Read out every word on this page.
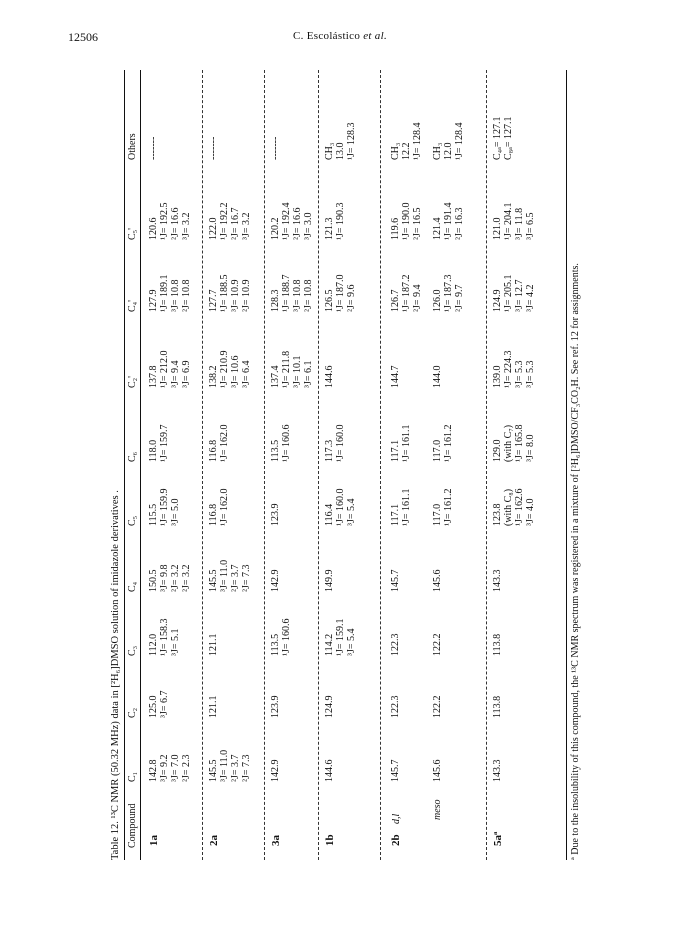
12506	C. Escolástico et al.
Table 12. ¹³C NMR (50.32 MHz) data in [²H₆]DMSO solution of imidazole derivatives . Compound
C₁
C₂
C₃
C₄
C₅
C₆
C₂'
C₄'
C₅'
Others
1a
142.8 ³J= 9.2 ³J= 7.0 ²J= 2.3
125.0 ³J= 6.7
112.0 ¹J= 158.3 ³J= 5.1
150.5 ³J= 9.8 ²J= 3.2 ²J= 3.2
115.5 ¹J= 159.9 ³J= 5.0
118.0 ¹J= 159.7
137.8 ¹J= 212.0 ³J= 9.4 ³J= 6.9
127.9 ¹J= 189.1 ³J= 10.8 ²J= 10.8
120.6 ¹J= 192.5 ²J= 16.6 ³J= 3.2
-------
2a
145.5 ³J= 11.0 ²J= 3.7 ²J= 7.3
121.1
121.1
145.5 ³J= 11.0 ²J= 3.7 ²J= 7.3
116.8 ¹J= 162.0
116.8 ¹J= 162.0
138.2 ¹J= 210.9 ³J= 10.6 ³J= 6.4
127.7 ¹J= 188.5 ³J= 10.9 ²J= 10.9
122.0 ¹J= 192.2 ²J= 16.7 ³J= 3.2
-------
3a
142.9
123.9
113.5 ¹J= 160.6
142.9
123.9
113.5 ¹J= 160.6
137.4 ¹J= 211.8 ³J= 10.1 ³J= 6.1
128.3 ¹J= 188.7 ³J= 10.8 ²J= 10.8
120.2 ¹J= 192.4 ²J= 16.6 ³J= 3.0
-------
1b
144.6
124.9
114.2 ¹J= 159.1 ³J= 5.4
149.9
116.4 ¹J= 160.0 ³J= 5.4
117.3 ¹J= 160.0
144.6
126.5 ¹J= 187.0 ²J= 9.6
121.3 ¹J= 190.3
CH₃ 13.0 ¹J= 128.3
2b
d,l
145.7
122.3
122.3
145.7
117.1 ¹J= 161.1
117.1 ¹J= 161.1
144.7
126.7 ¹J= 187.2 ²J= 9.4
119.6 ¹J= 190.0 ²J= 16.5
CH₃ 12.2 ¹J= 128.4
meso
145.6
122.2
122.2
145.6
117.0 ¹J= 161.2
117.0 ¹J= 161.2
144.0
126.0 ¹J= 187.3 ²J= 9.7
121.4 ¹J= 191.4 ²J= 16.3
CH₃ 12.0 ¹J= 128.4
5aª
143.3
113.8
113.8
143.3
123.8 (with C₈) ¹J= 162.6 ³J= 4.0
129.0 (with C₇) ¹J= 165.8 ³J= 8.0
139.0 ¹J= 224.3 ³J= 5.3 ³J= 5.3
124.9 ¹J= 205.1 ³J= 12.7 ³J= 4.2
121.0 ¹J= 204.1 ³J= 11.8 ³J= 6.5
C₄ₐ= 127.1 C₈ₐ= 127.1
ª Due to the insolubility of this compound, the ¹³C NMR spectrum was registered in a mixture of [²H₆]DMSO/CF₃CO₂H. See ref. 12 for assignments.
